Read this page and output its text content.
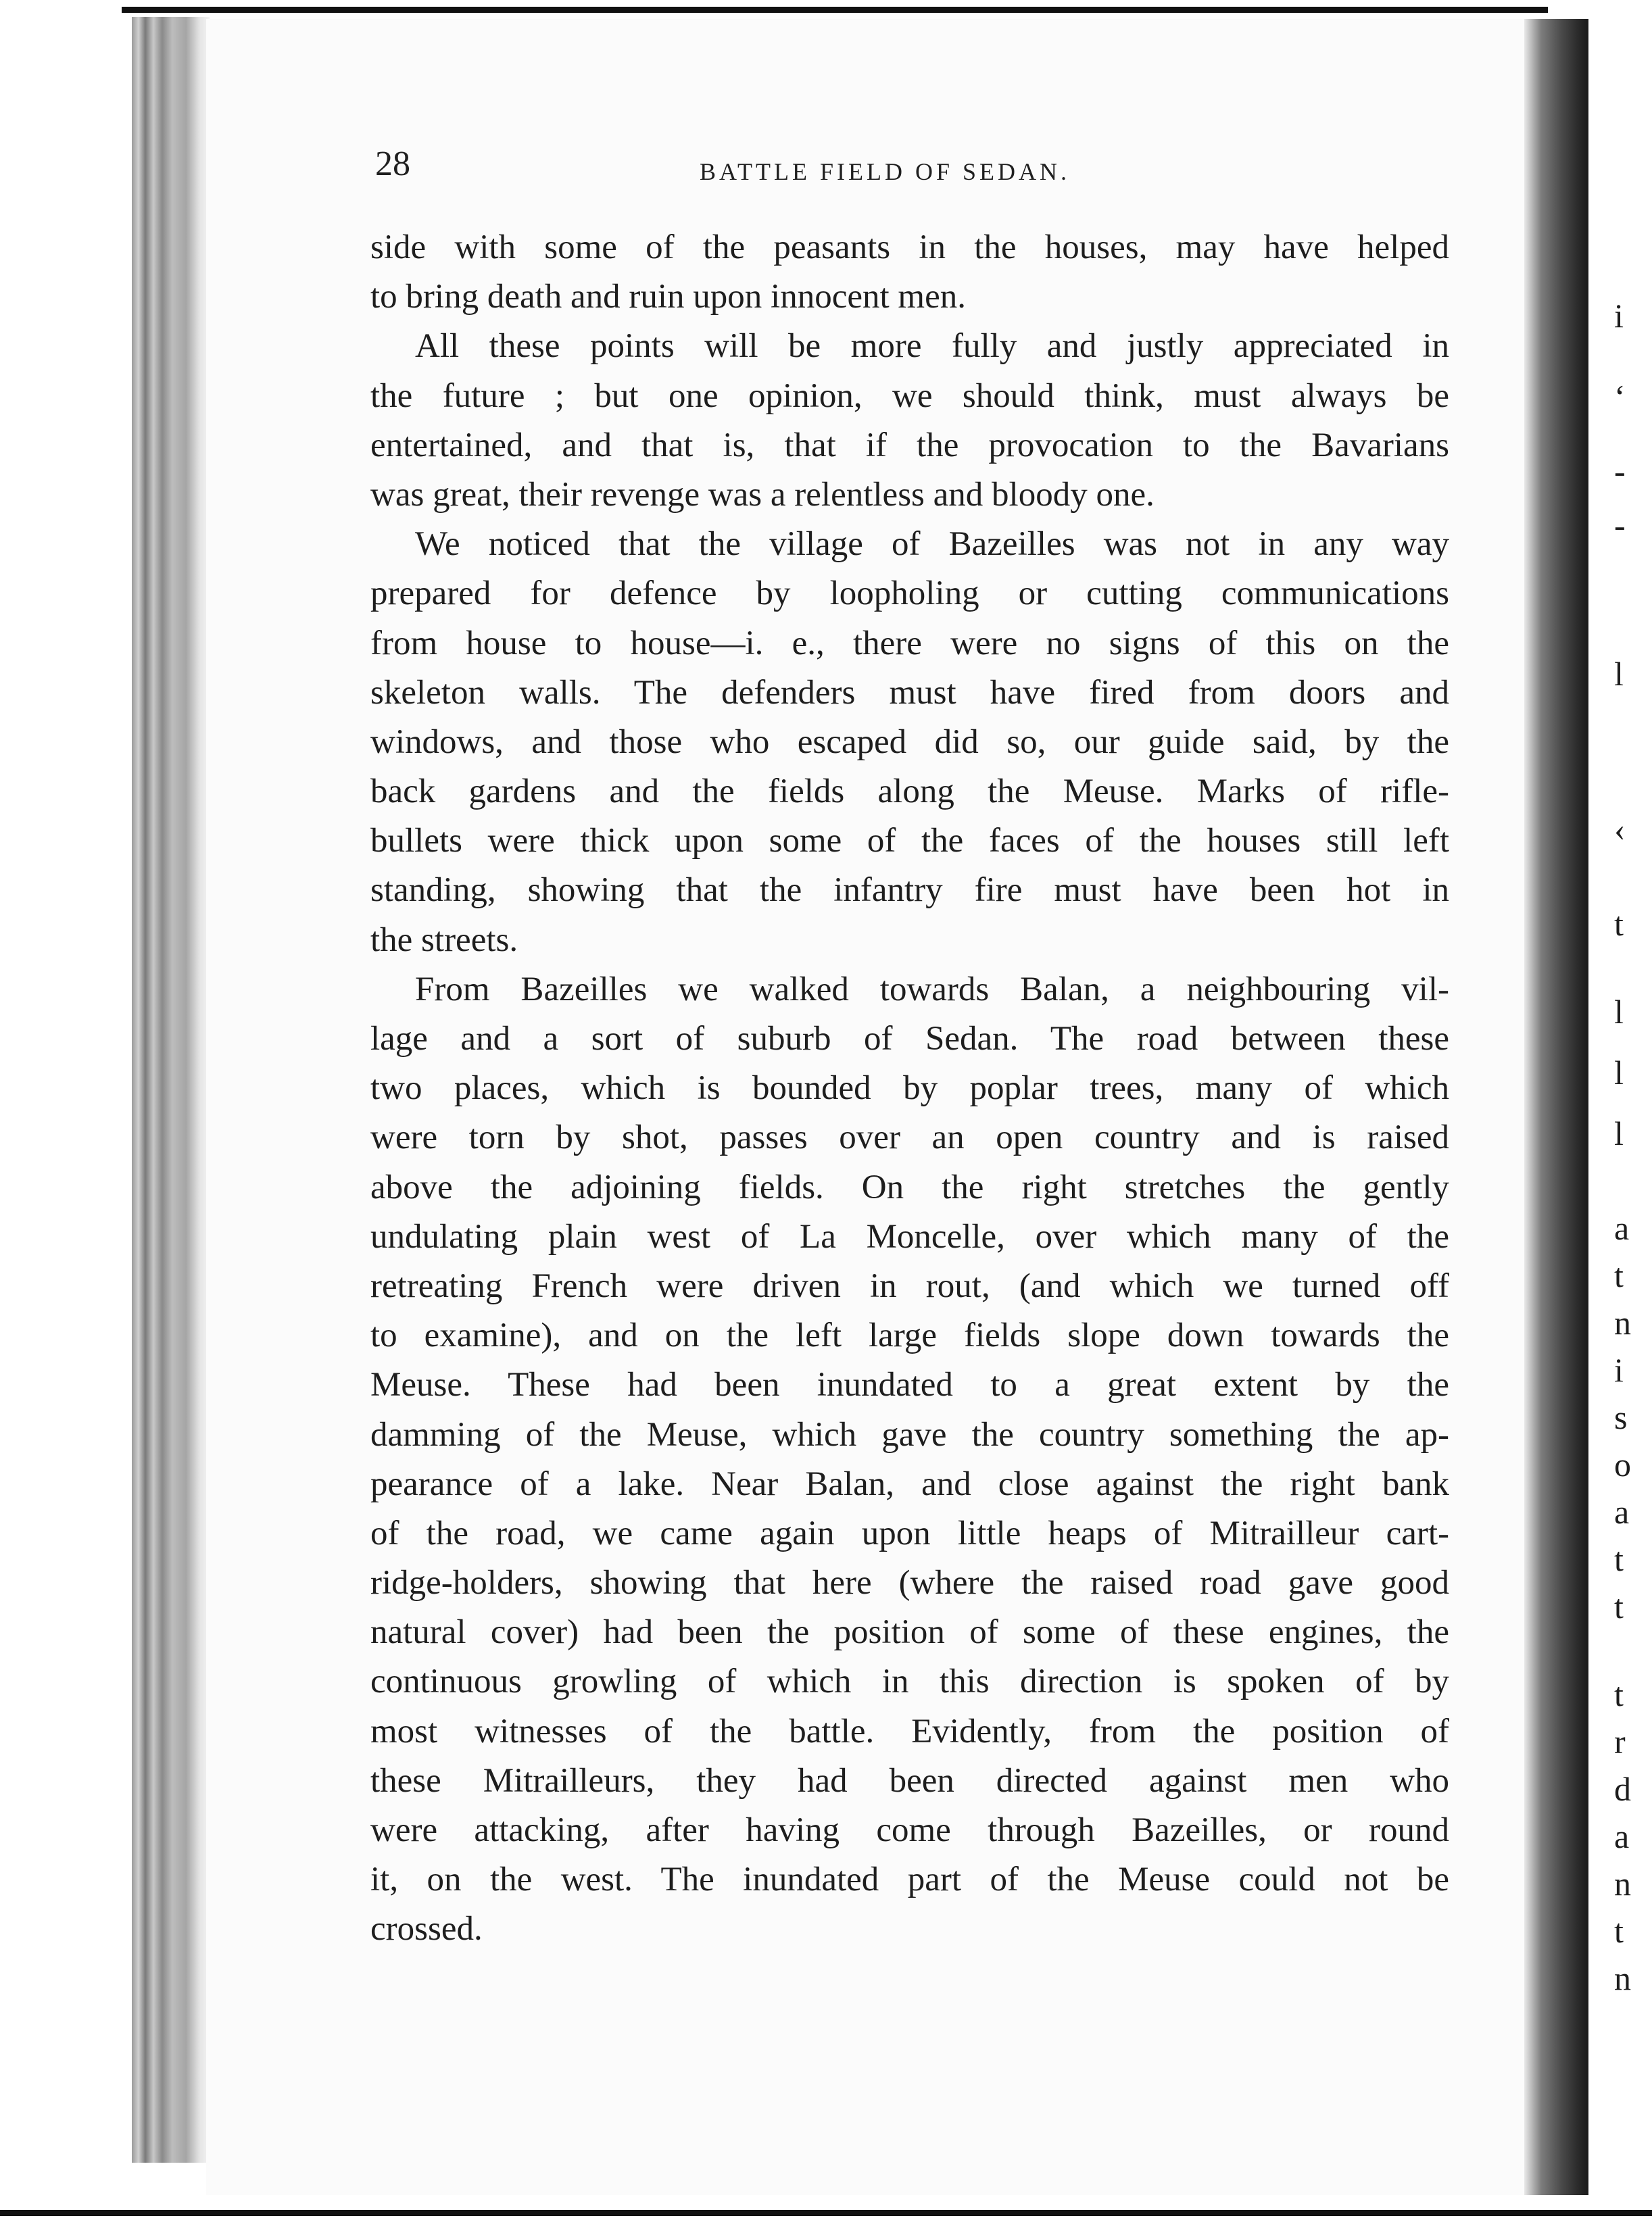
i
‘
-
-
l
‹
t
l
l
l
a
t
n
i
s
o
a
t
t
t
r
d
a
n
t
n
28	BATTLE FIELD OF SEDAN.
side with some of the peasants in the houses, may have helped
to bring death and ruin upon innocent men.
All these points will be more fully and justly appreciated in
the future ; but one opinion, we should think, must always be
entertained, and that is, that if the provocation to the Bavarians
was great, their revenge was a relentless and bloody one.
We noticed that the village of Bazeilles was not in any way
prepared for defence by loopholing or cutting communications
from house to house—i. e., there were no signs of this on the
skeleton walls. The defenders must have fired from doors and
windows, and those who escaped did so, our guide said, by the
back gardens and the fields along the Meuse. Marks of rifle-
bullets were thick upon some of the faces of the houses still left
standing, showing that the infantry fire must have been hot in
the streets.
From Bazeilles we walked towards Balan, a neighbouring vil-
lage and a sort of suburb of Sedan. The road between these
two places, which is bounded by poplar trees, many of which
were torn by shot, passes over an open country and is raised
above the adjoining fields. On the right stretches the gently
undulating plain west of La Moncelle, over which many of the
retreating French were driven in rout, (and which we turned off
to examine), and on the left large fields slope down towards the
Meuse. These had been inundated to a great extent by the
damming of the Meuse, which gave the country something the ap-
pearance of a lake. Near Balan, and close against the right bank
of the road, we came again upon little heaps of Mitrailleur cart-
ridge-holders, showing that here (where the raised road gave good
natural cover) had been the position of some of these engines, the
continuous growling of which in this direction is spoken of by
most witnesses of the battle. Evidently, from the position of
these Mitrailleurs, they had been directed against men who
were attacking, after having come through Bazeilles, or round
it, on the west. The inundated part of the Meuse could not be
crossed.
